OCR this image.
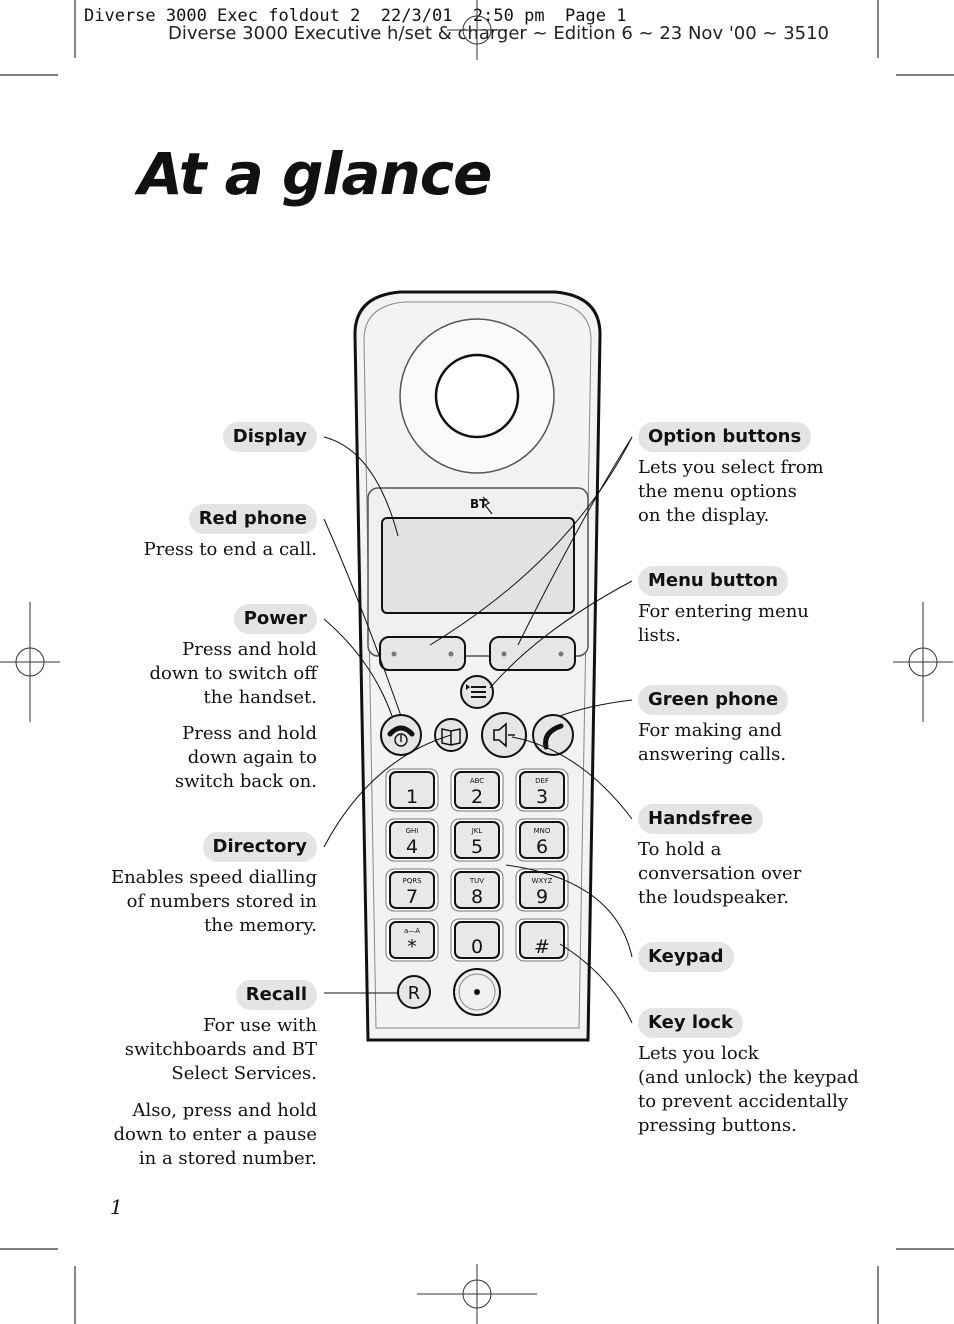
Diverse 3000 Exec foldout 2  22/3/01  2:50 pm  Page 1
Diverse 3000 Executive h/set & charger ~ Edition 6 ~ 23 Nov '00 ~ 3510
At a glance
BT
1
ABC
2
DEF
3
GHI
4
JKL
5
MNO
6
PQRS
7
TUV
8
WXYZ
9
a—A
*	0	#
R
Display
Red phone
Press to end a call.
Power
Press and hold
down to switch off
the handset.
Press and hold
down again to
switch back on.
Directory
Enables speed dialling
of numbers stored in
the memory.
Recall
For use with
switchboards and BT
Select Services.
Also, press and hold
down to enter a pause
in a stored number.
Option buttons
Lets you select from
the menu options
on the display.
Menu button
For entering menu
lists.
Green phone
For making and
answering calls.
Handsfree
To hold a
conversation over
the loudspeaker.
Keypad
Key lock
Lets you lock
(and unlock) the keypad
to prevent accidentally
pressing buttons.
1
